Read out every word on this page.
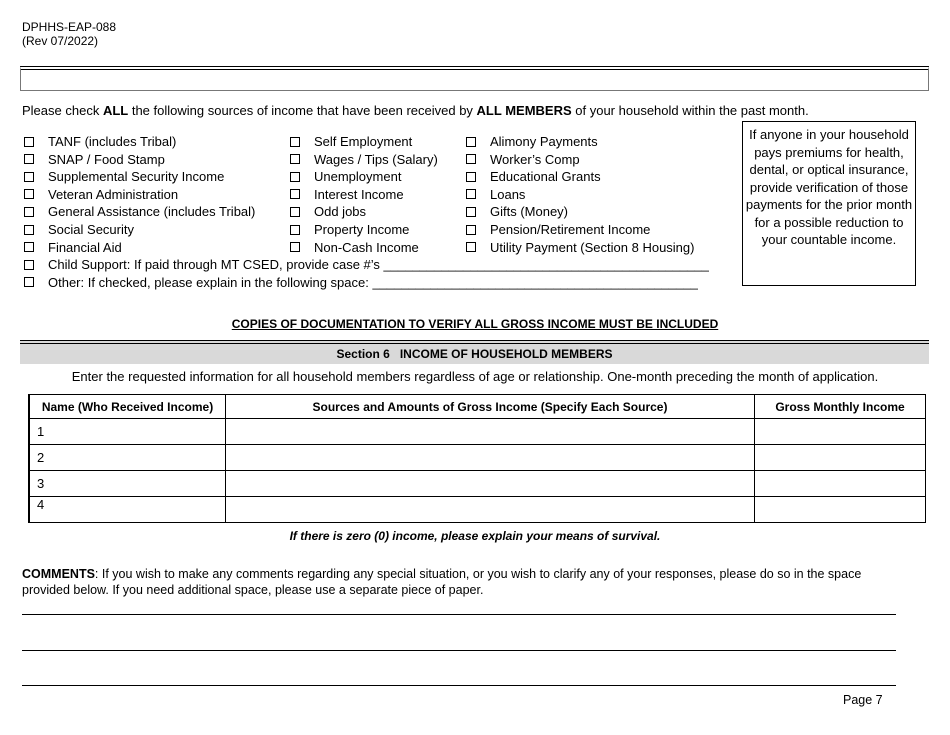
DPHHS-EAP-088
(Rev 07/2022)
Please check ALL the following sources of income that have been received by ALL MEMBERS of your household within the past month.
TANF (includes Tribal)
SNAP / Food Stamp
Supplemental Security Income
Veteran Administration
General Assistance (includes Tribal)
Social Security
Financial Aid
Child Support: If paid through MT CSED, provide case #’s _____________________________________________
Other: If checked, please explain in the following space: _____________________________________________
Self Employment
Wages / Tips (Salary)
Unemployment
Interest Income
Odd jobs
Property Income
Non-Cash Income
Alimony Payments
Worker’s Comp
Educational Grants
Loans
Gifts (Money)
Pension/Retirement Income
Utility Payment (Section 8 Housing)
If anyone in your household pays premiums for health, dental, or optical insurance, provide verification of those payments for the prior month for a possible reduction to your countable income.
COPIES OF DOCUMENTATION TO VERIFY ALL GROSS INCOME MUST BE INCLUDED
Section 6   INCOME OF HOUSEHOLD MEMBERS
Enter the requested information for all household members regardless of age or relationship. One-month preceding the month of application.
Name (Who Received Income)	Sources and Amounts of Gross Income (Specify Each Source)	Gross Monthly Income
1		
2		
3		
4		
If there is zero (0) income, please explain your means of survival.
COMMENTS: If you wish to make any comments regarding any special situation, or you wish to clarify any of your responses, please do so in the space provided below. If you need additional space, please use a separate piece of paper.
Page 7
